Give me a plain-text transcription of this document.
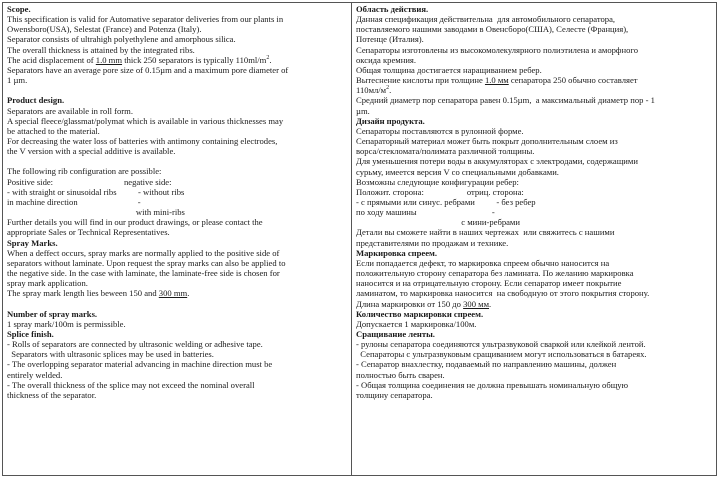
Scope.
This specification is valid for Automative separator deliveries from our plants in
Owensboro(USA), Selestat (France) and Potenza (Italy).
Separator consists of ultrahigh polyethylene and amorphous silica.
The overall thickness is attained by the integrated ribs.
The acid displacement of 1.0 mm thick 250 separators is typically $110ml/m^2$.
Separators have an average pore size of 0.15µm and a maximum pore diameter of
1 µm.
Product design.
Separators are available in roll form.
A special fleece/glassmat/polymat which is available in various thicknesses may
be attached to the material.
For decreasing the water loss of batteries with antimony containing electrodes,
the V version with a special additive is available.
The following rib configuration are possible:
Positive side:                                 negative side:
- with straight or sinusoidal ribs          - without ribs
in machine direction                            -
with mini-ribs
Further details you will find in our product drawings, or please contact the
appropriate Sales or Technical Representatives.
Spray Marks.
When a deffect occurs, spray marks are normally applied to the positive side of
separators without laminate. Upon request the spray marks can also be applied to
the negative side. In the case with laminate, the laminate-free side is chosen for
spray mark application.
The spray mark length lies beween 150 and 300 mm.
Number of spray marks.
1 spray mark/100m is permissible.
Splice finish.
- Rolls of separators are connected by ultrasonic welding or adhesive tape.
Separators with ultrasonic splices may be used in batteries.
- The overlopping separator material advancing in machine direction must be
entirely welded.
- The overall thickness of the splice may not exceed the nominal overall
thickness of the separator.
Область действия.
Данная спецификация действительна  для автомобильного сепаратора,
поставляемого нашими заводами в Овенсборо(США), Селесте (Франция),
Потенце (Италия).
Сепараторы изготовлены из высокомолекулярного полиэтилена и аморфного
оксида кремния.
Общая толщина достигается наращиванием ребер.
Вытеснение кислоты при толщине 1.0 мм сепаратора 250 обычно составляет
$110мл/м^2$.
Средний диаметр пор сепаратора равен 0.15µm,  а максимальный диаметр пор - 1
µm.
Дизайн продукта.
Сепараторы поставляются в рулонной форме.
Сепараторный материал может быть покрыт дополнительным слоем из
ворса/стекломата/полимата различной толщины.
Для уменьшения потери воды в аккумуляторах с электродами, содержащими
сурьму, имеется версия V со специальными добавками.
Возможны следующие конфигурации ребер:
Положит. сторона:                    отриц. сторона:
- с прямыми или синус. ребрами          - без ребер
по ходу машины                                   -
с мини-ребрами
Детали вы сможете найти в наших чертежах  или свяжитесь с нашими
представителями по продажам и технике.
Маркировка спреем.
Если попадается дефект, то маркировка спреем обычно наносится на
положительную сторону сепаратора без ламината. По желанию маркировка
наносится и на отрицательную сторону. Если сепаратор имеет покрытие
ламинатом, то маркировка наносится  на свободную от этого покрытия сторону.
Длина маркировки от 150 до 300 мм.
Количество маркировки спреем.
Допускается 1 маркировка/100м.
Сращивание ленты.
- рулоны сепаратора соединяются ультразвуковой сваркой или клейкой лентой.
Сепараторы с ультразвуковым сращиванием могут использоваться в батареях.
- Сепаратор внахлестку, подаваемый по направлению машины, должен
полностью быть сварен.
- Общая толщина соединения не должна превышать номинальную общую
толщину сепаратора.
